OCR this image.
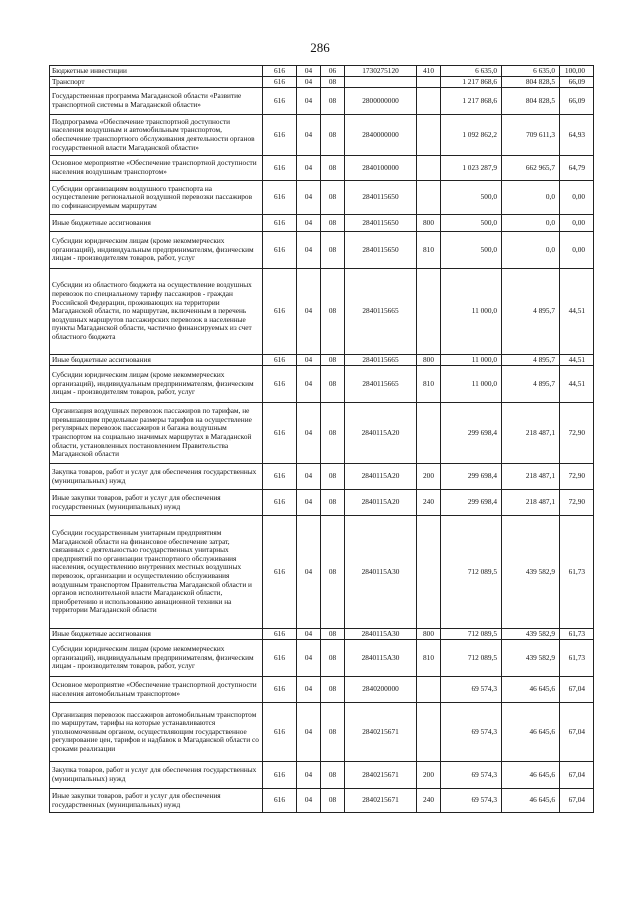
286
Бюджетные инвестиции	616	04	06	1730275120	410	6 635,0	6 635,0	100,00
Транспорт	616	04	08			1 217 868,6	804 828,5	66,09
Государственная программа Магаданской области «Развитие транспортной системы в Магаданской области»	616	04	08	2800000000		1 217 868,6	804 828,5	66,09
Подпрограмма «Обеспечение транспортной доступности населения воздушным и автомобильным транспортом, обеспечение транспортного обслуживания деятельности органов государственной власти Магаданской области»	616	04	08	2840000000		1 092 862,2	709 611,3	64,93
Основное мероприятие «Обеспечение транспортной доступности населения воздушным транспортом»	616	04	08	2840100000		1 023 287,9	662 965,7	64,79
Субсидии организациям воздушного транспорта на осуществление региональной воздушной перевозки пассажиров по софинансируемым маршрутам	616	04	08	2840115650		500,0	0,0	0,00
Иные бюджетные ассигнования	616	04	08	2840115650	800	500,0	0,0	0,00
Субсидии юридическим лицам (кроме некоммерческих организаций), индивидуальным предпринимателям, физическим лицам - производителям товаров, работ, услуг	616	04	08	2840115650	810	500,0	0,0	0,00
Субсидии из областного бюджета на осуществление воздушных перевозок по специальному тарифу пассажиров - граждан Российской Федерации, проживающих на территории Магаданской области, по маршрутам, включенным в перечень воздушных маршрутов пассажирских перевозок в населенные пункты Магаданской области, частично финансируемых из счет областного бюджета	616	04	08	2840115665		11 000,0	4 895,7	44,51
Иные бюджетные ассигнования	616	04	08	2840115665	800	11 000,0	4 895,7	44,51
Субсидии юридическим лицам (кроме некоммерческих организаций), индивидуальным предпринимателям, физическим лицам - производителям товаров, работ, услуг	616	04	08	2840115665	810	11 000,0	4 895,7	44,51
Организация воздушных перевозок пассажиров по тарифам, не превышающим предельные размеры тарифов на осуществление регулярных перевозок пассажиров и багажа воздушным транспортом на социально значимых маршрутах в Магаданской области, установленных постановлением Правительства Магаданской области	616	04	08	2840115А20		299 698,4	218 487,1	72,90
Закупка товаров, работ и услуг для обеспечения государственных (муниципальных) нужд	616	04	08	2840115А20	200	299 698,4	218 487,1	72,90
Иные закупки товаров, работ и услуг для обеспечения государственных (муниципальных) нужд	616	04	08	2840115А20	240	299 698,4	218 487,1	72,90
Субсидии государственным унитарным предприятиям Магаданской области на финансовое обеспечение затрат, связанных с деятельностью государственных унитарных предприятий по организации транспортного обслуживания населения, осуществлению внутренних местных воздушных перевозок, организации и осуществлению обслуживания воздушным транспортом Правительства Магаданской области и органов исполнительной власти Магаданской области, приобретению и использованию авиационной техники на территории Магаданской области	616	04	08	2840115А30		712 089,5	439 582,9	61,73
Иные бюджетные ассигнования	616	04	08	2840115А30	800	712 089,5	439 582,9	61,73
Субсидии юридическим лицам (кроме некоммерческих организаций), индивидуальным предпринимателям, физическим лицам - производителям товаров, работ, услуг	616	04	08	2840115А30	810	712 089,5	439 582,9	61,73
Основное мероприятие «Обеспечение транспортной доступности населения автомобильным транспортом»	616	04	08	2840200000		69 574,3	46 645,6	67,04
Организация перевозок пассажиров автомобильным транспортом по маршрутам, тарифы на которые устанавливаются уполномоченным органом, осуществляющим государственное регулирование цен, тарифов и надбавок в Магаданской области со сроками реализации	616	04	08	2840215671		69 574,3	46 645,6	67,04
Закупка товаров, работ и услуг для обеспечения государственных (муниципальных) нужд	616	04	08	2840215671	200	69 574,3	46 645,6	67,04
Иные закупки товаров, работ и услуг для обеспечения государственных (муниципальных) нужд	616	04	08	2840215671	240	69 574,3	46 645,6	67,04
